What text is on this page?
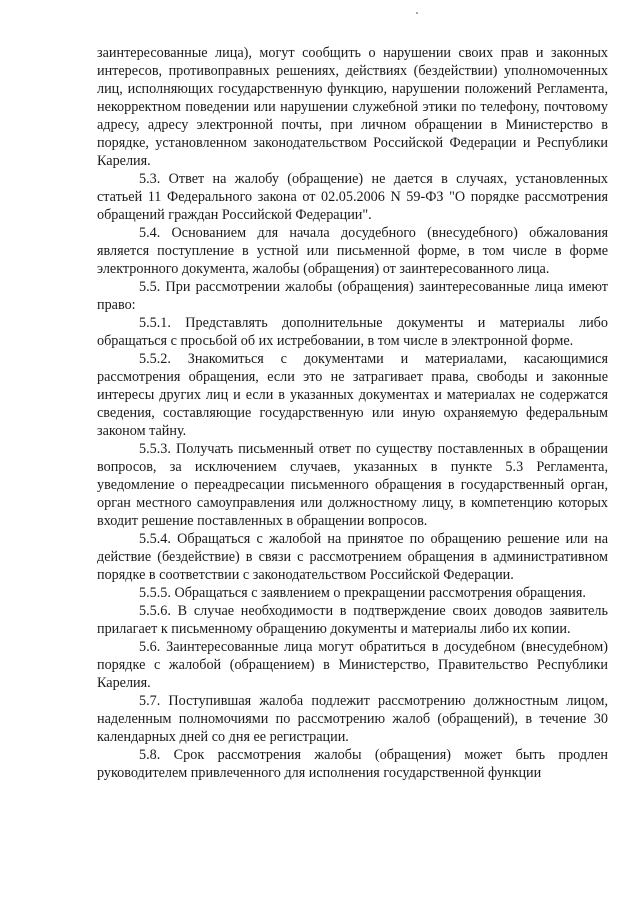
заинтересованные лица), могут сообщить о нарушении своих прав и законных интересов, противоправных решениях, действиях (бездействии) уполномоченных лиц, исполняющих государственную функцию, нарушении положений Регламента, некорректном поведении или нарушении служебной этики по телефону, почтовому адресу, адресу электронной почты, при личном обращении в Министерство в порядке, установленном законодательством Российской Федерации и Республики Карелия.

5.3. Ответ на жалобу (обращение) не дается в случаях, установленных статьей 11 Федерального закона от 02.05.2006 N 59-ФЗ "О порядке рассмотрения обращений граждан Российской Федерации".

5.4. Основанием для начала досудебного (внесудебного) обжалования является поступление в устной или письменной форме, в том числе в форме электронного документа, жалобы (обращения) от заинтересованного лица.

5.5. При рассмотрении жалобы (обращения) заинтересованные лица имеют право:

5.5.1. Представлять дополнительные документы и материалы либо обращаться с просьбой об их истребовании, в том числе в электронной форме.

5.5.2. Знакомиться с документами и материалами, касающимися рассмотрения обращения, если это не затрагивает права, свободы и законные интересы других лиц и если в указанных документах и материалах не содержатся сведения, составляющие государственную или иную охраняемую федеральным законом тайну.

5.5.3. Получать письменный ответ по существу поставленных в обращении вопросов, за исключением случаев, указанных в пункте 5.3 Регламента, уведомление о переадресации письменного обращения в государственный орган, орган местного самоуправления или должностному лицу, в компетенцию которых входит решение поставленных в обращении вопросов.

5.5.4. Обращаться с жалобой на принятое по обращению решение или на действие (бездействие) в связи с рассмотрением обращения в административном порядке в соответствии с законодательством Российской Федерации.

5.5.5. Обращаться с заявлением о прекращении рассмотрения обращения.

5.5.6. В случае необходимости в подтверждение своих доводов заявитель прилагает к письменному обращению документы и материалы либо их копии.

5.6. Заинтересованные лица могут обратиться в досудебном (внесудебном) порядке с жалобой (обращением) в Министерство, Правительство Республики Карелия.

5.7. Поступившая жалоба подлежит рассмотрению должностным лицом, наделенным полномочиями по рассмотрению жалоб (обращений), в течение 30 календарных дней со дня ее регистрации.

5.8. Срок рассмотрения жалобы (обращения) может быть продлен руководителем привлеченного для исполнения государственной функции
